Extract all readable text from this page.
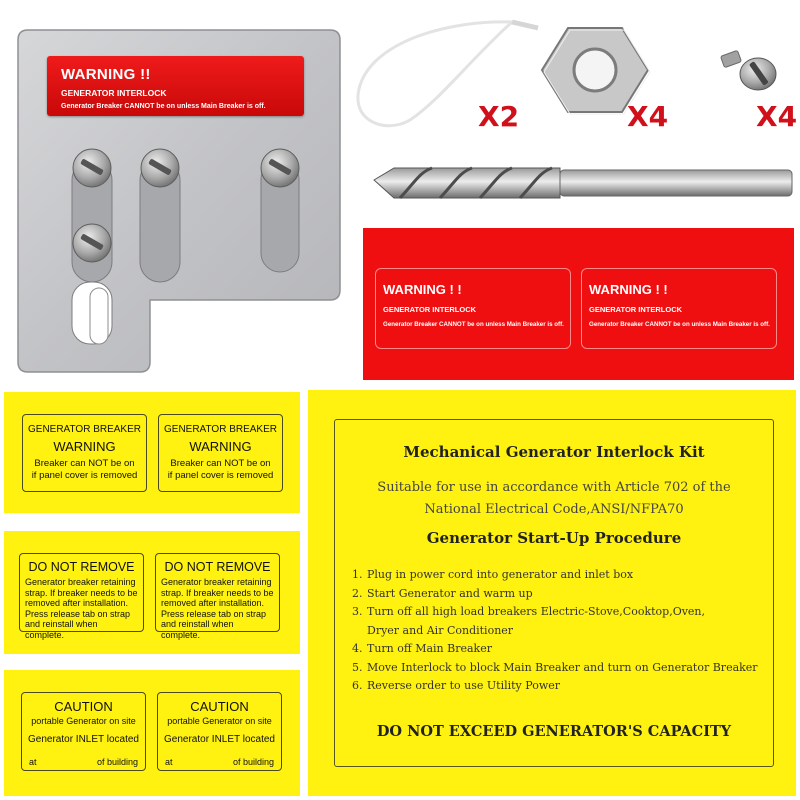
WARNING !!
GENERATOR INTERLOCK
Generator Breaker CANNOT be on unless Main Breaker is off.	X2	X4	X4
WARNING ! !
GENERATOR INTERLOCK
Generator Breaker CANNOT be on unless Main Breaker is off.
WARNING ! !
GENERATOR INTERLOCK
Generator Breaker CANNOT be on unless Main Breaker is off.
GENERATOR BREAKER
WARNING
Breaker can NOT be on
if panel cover is removed
GENERATOR BREAKER
WARNING
Breaker can NOT be on
if panel cover is removed
DO NOT REMOVE
Generator breaker retaining
strap. If breaker needs to be
removed after installation.
Press release tab on strap
and reinstall when complete.
DO NOT REMOVE
Generator breaker retaining
strap. If breaker needs to be
removed after installation.
Press release tab on strap
and reinstall when complete.
CAUTION
portable Generator on site
Generator INLET located
at	of building
CAUTION
portable Generator on site
Generator INLET located
at	of building
Mechanical Generator Interlock Kit
Suitable for use in accordance with Article 702 of the
National Electrical Code,ANSI/NFPA70
Generator Start-Up Procedure
1. Plug in power cord into generator and inlet box
2. Start Generator and warm up
3. Turn off all high load breakers Electric-Stove,Cooktop,Oven,
Dryer and Air Conditioner
4. Turn off Main Breaker
5. Move Interlock to block Main Breaker and turn on Generator Breaker
6. Reverse order to use Utility Power
DO NOT EXCEED GENERATOR'S CAPACITY
